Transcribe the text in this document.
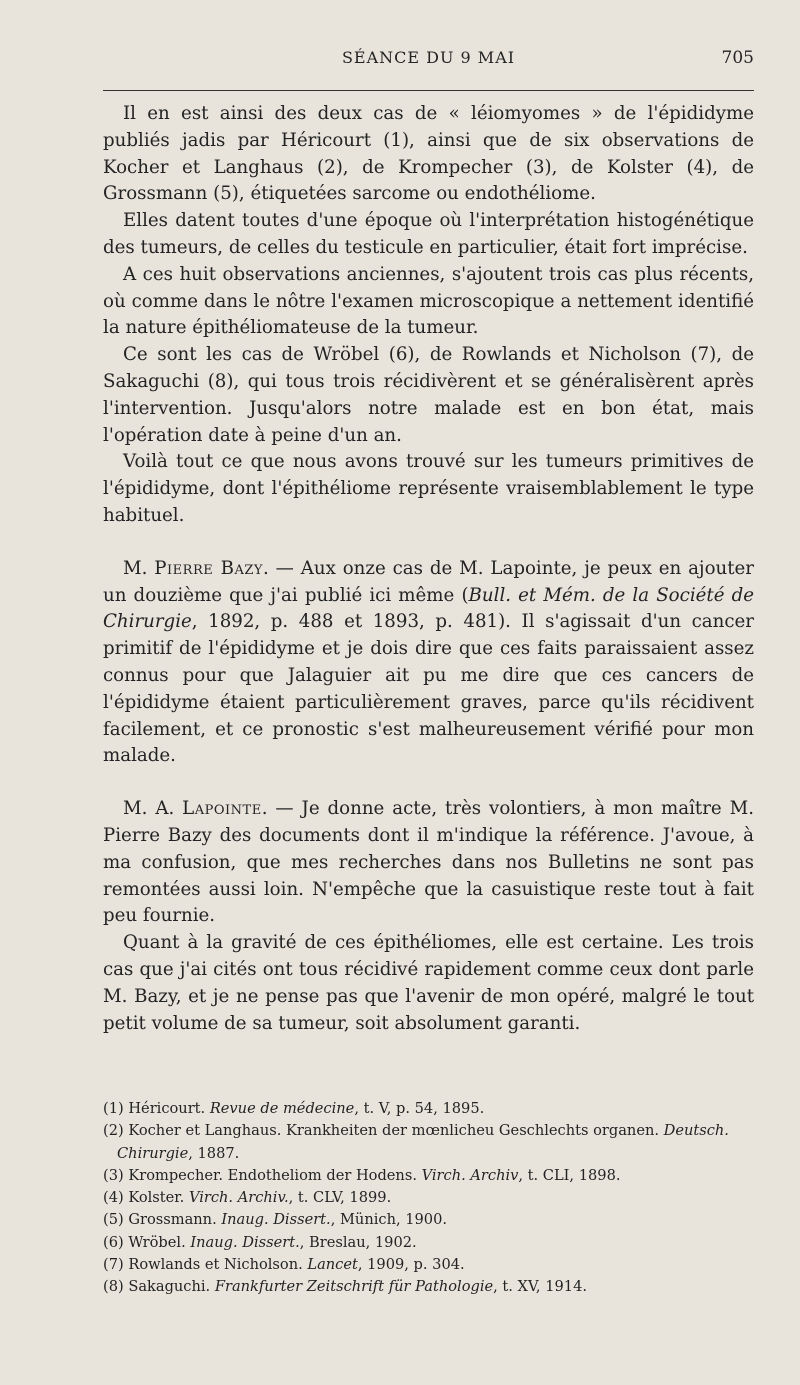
SÉANCE DU 9 MAI	705

Il en est ainsi des deux cas de « léiomyomes » de l'épididyme publiés jadis par Héricourt (1), ainsi que de six observations de Kocher et Langhaus (2), de Krompecher (3), de Kolster (4), de Grossmann (5), étiquetées sarcome ou endothéliome.

Elles datent toutes d'une époque où l'interprétation histogénétique des tumeurs, de celles du testicule en particulier, était fort imprécise.

A ces huit observations anciennes, s'ajoutent trois cas plus récents, où comme dans le nôtre l'examen microscopique a nettement identifié la nature épithéliomateuse de la tumeur.

Ce sont les cas de Wröbel (6), de Rowlands et Nicholson (7), de Sakaguchi (8), qui tous trois récidivèrent et se généralisèrent après l'intervention. Jusqu'alors notre malade est en bon état, mais l'opération date à peine d'un an.

Voilà tout ce que nous avons trouvé sur les tumeurs primitives de l'épididyme, dont l'épithéliome représente vraisemblablement le type habituel.

M. Pierre Bazy. — Aux onze cas de M. Lapointe, je peux en ajouter un douzième que j'ai publié ici même (Bull. et Mém. de la Société de Chirurgie, 1892, p. 488 et 1893, p. 481). Il s'agissait d'un cancer primitif de l'épididyme et je dois dire que ces faits paraissaient assez connus pour que Jalaguier ait pu me dire que ces cancers de l'épididyme étaient particulièrement graves, parce qu'ils récidivent facilement, et ce pronostic s'est malheureusement vérifié pour mon malade.

M. A. Lapointe. — Je donne acte, très volontiers, à mon maître M. Pierre Bazy des documents dont il m'indique la référence. J'avoue, à ma confusion, que mes recherches dans nos Bulletins ne sont pas remontées aussi loin. N'empêche que la casuistique reste tout à fait peu fournie.

Quant à la gravité de ces épithéliomes, elle est certaine. Les trois cas que j'ai cités ont tous récidivé rapidement comme ceux dont parle M. Bazy, et je ne pense pas que l'avenir de mon opéré, malgré le tout petit volume de sa tumeur, soit absolument garanti.

(1) Héricourt. Revue de médecine, t. V, p. 54, 1895.

(2) Kocher et Langhaus. Krankheiten der mœnlicheu Geschlechts organen. Deutsch. Chirurgie, 1887.

(3) Krompecher. Endotheliom der Hodens. Virch. Archiv, t. CLI, 1898.

(4) Kolster. Virch. Archiv., t. CLV, 1899.

(5) Grossmann. Inaug. Dissert., Münich, 1900.

(6) Wröbel. Inaug. Dissert., Breslau, 1902.

(7) Rowlands et Nicholson. Lancet, 1909, p. 304.

(8) Sakaguchi. Frankfurter Zeitschrift für Pathologie, t. XV, 1914.
